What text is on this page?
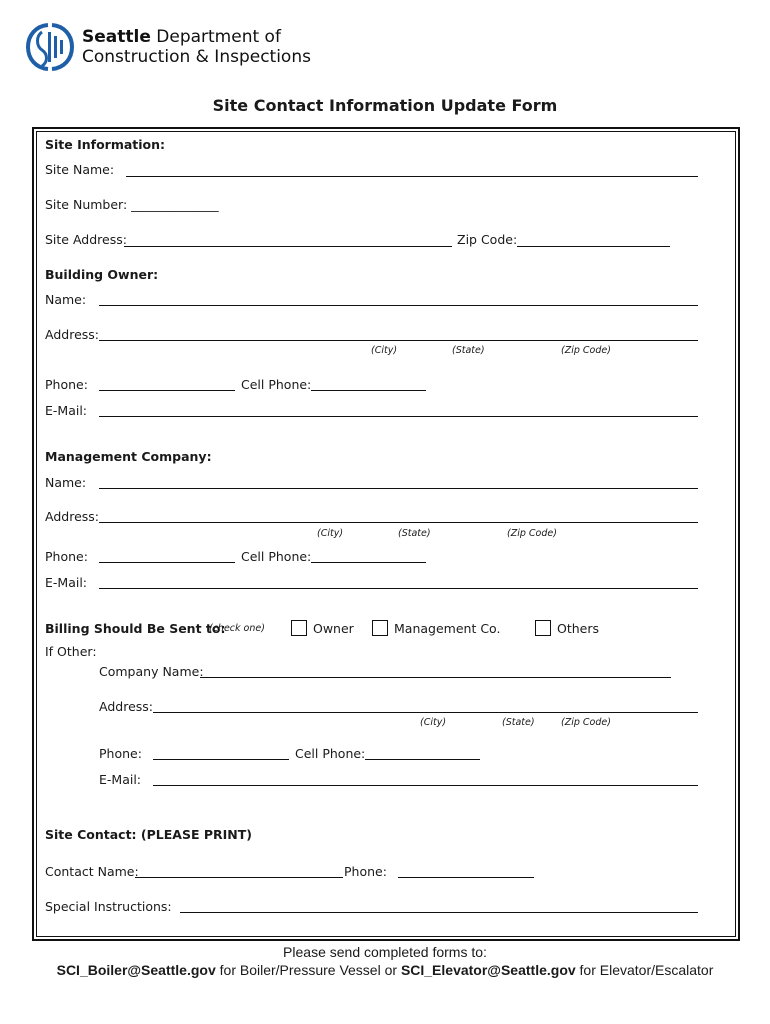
Seattle Department of
Construction & Inspections
Site Contact Information Update Form
Site Information:
Site Name:
Site Number: ______________
Site Address:	Zip Code:
Building Owner:
Name:
Address:
(City)	(State)	(Zip Code)
Phone:	Cell Phone:
E-Mail:
Management Company:
Name:
Address:
(City)	(State)	(Zip Code)
Phone:	Cell Phone:
E-Mail:
Billing Should Be Sent to:
(check one)	Owner	Management Co.	Others
If Other:
Company Name:
Address:
(City)	(State)	(Zip Code)
Phone:	Cell Phone:
E-Mail:
Site Contact: (PLEASE PRINT)
Contact Name:	Phone:
Special Instructions:
Please send completed forms to:
SCI_Boiler@Seattle.gov for Boiler/Pressure Vessel or SCI_Elevator@Seattle.gov for Elevator/Escalator
